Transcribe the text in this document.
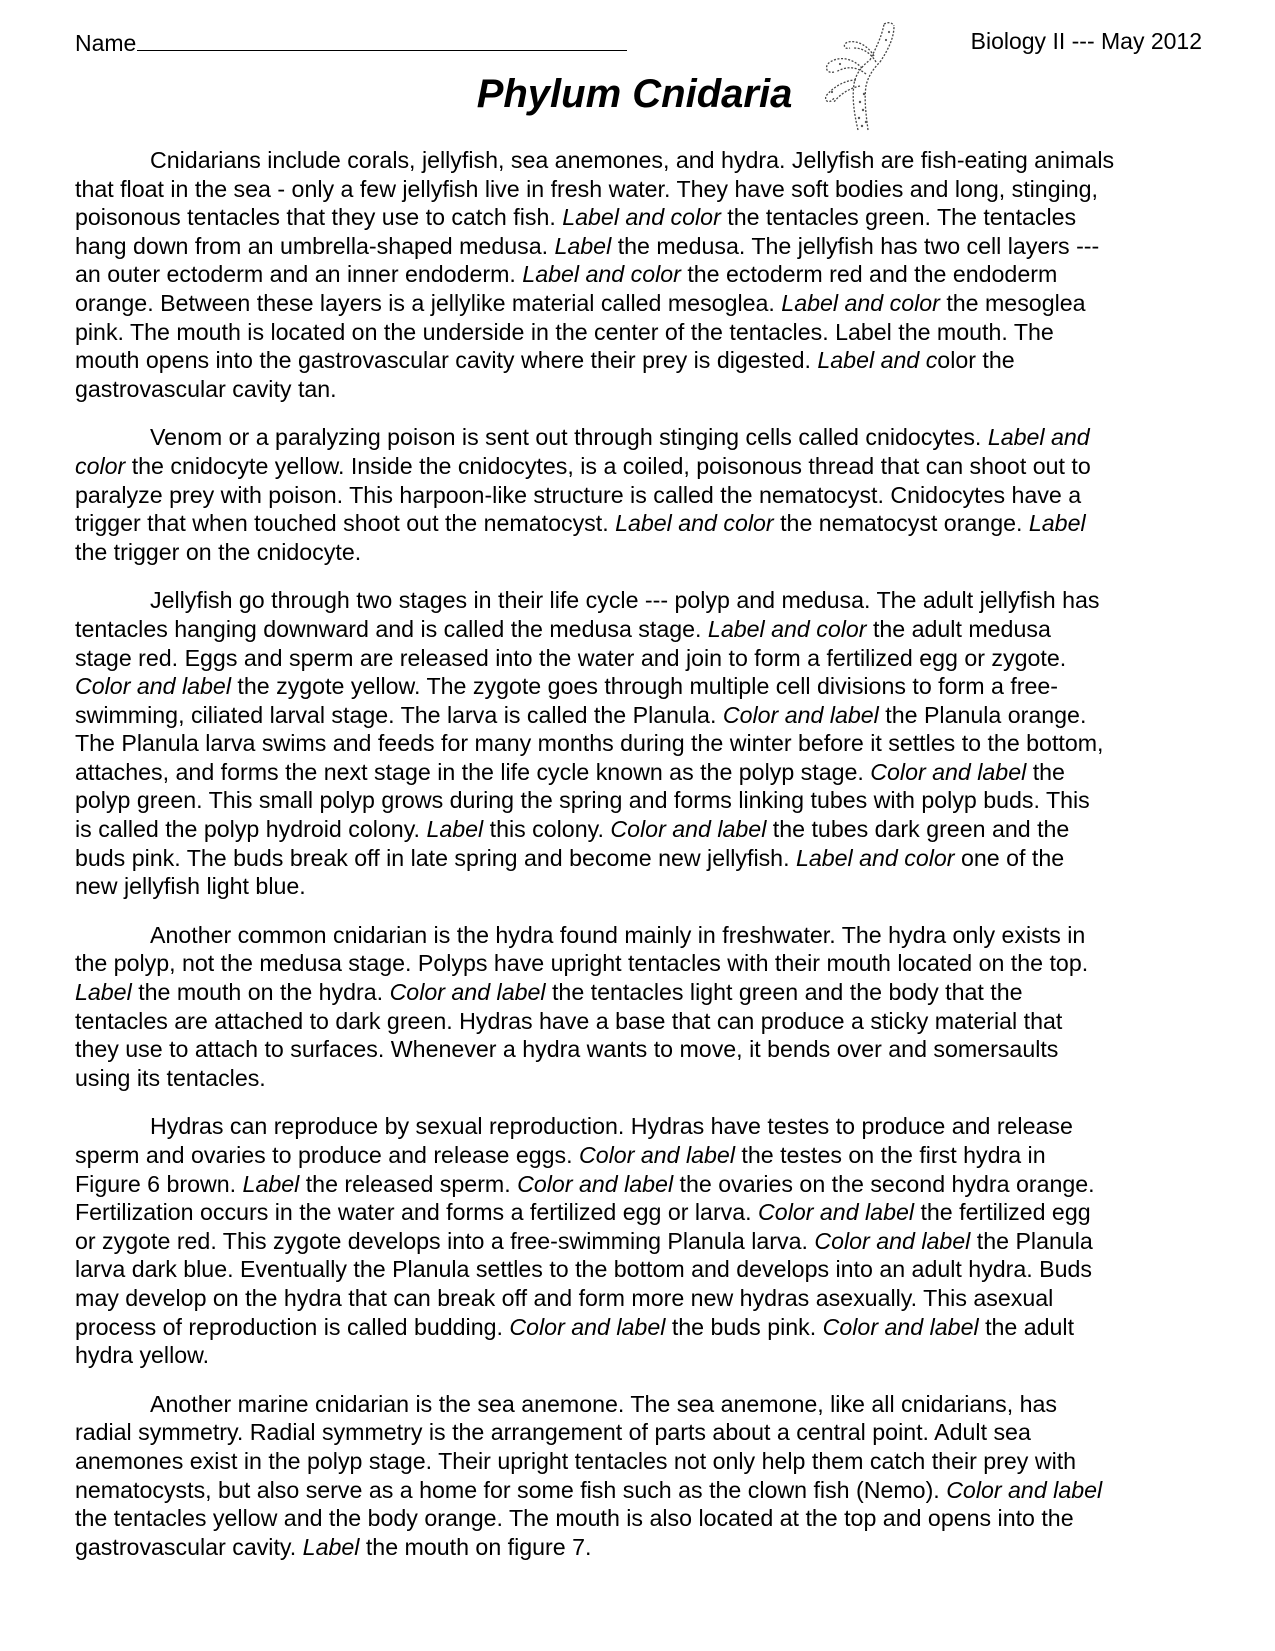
Name	Biology II --- May 2012
Phylum Cnidaria
Cnidarians include corals, jellyfish, sea anemones, and hydra. Jellyfish are fish-eating animals
that float in the sea - only a few jellyfish live in fresh water. They have soft bodies and long, stinging,
poisonous tentacles that they use to catch fish. Label and color the tentacles green. The tentacles
hang down from an umbrella-shaped medusa. Label the medusa. The jellyfish has two cell layers ---
an outer ectoderm and an inner endoderm. Label and color the ectoderm red and the endoderm
orange. Between these layers is a jellylike material called mesoglea. Label and color the mesoglea
pink. The mouth is located on the underside in the center of the tentacles. Label the mouth. The
mouth opens into the gastrovascular cavity where their prey is digested. Label and color the
gastrovascular cavity tan.
Venom or a paralyzing poison is sent out through stinging cells called cnidocytes. Label and
color the cnidocyte yellow. Inside the cnidocytes, is a coiled, poisonous thread that can shoot out to
paralyze prey with poison. This harpoon-like structure is called the nematocyst. Cnidocytes have a
trigger that when touched shoot out the nematocyst. Label and color the nematocyst orange. Label
the trigger on the cnidocyte.
Jellyfish go through two stages in their life cycle --- polyp and medusa. The adult jellyfish has
tentacles hanging downward and is called the medusa stage. Label and color the adult medusa
stage red. Eggs and sperm are released into the water and join to form a fertilized egg or zygote.
Color and label the zygote yellow. The zygote goes through multiple cell divisions to form a free-
swimming, ciliated larval stage. The larva is called the Planula. Color and label the Planula orange.
The Planula larva swims and feeds for many months during the winter before it settles to the bottom,
attaches, and forms the next stage in the life cycle known as the polyp stage. Color and label the
polyp green. This small polyp grows during the spring and forms linking tubes with polyp buds. This
is called the polyp hydroid colony. Label this colony. Color and label the tubes dark green and the
buds pink. The buds break off in late spring and become new jellyfish. Label and color one of the
new jellyfish light blue.
Another common cnidarian is the hydra found mainly in freshwater. The hydra only exists in
the polyp, not the medusa stage. Polyps have upright tentacles with their mouth located on the top.
Label the mouth on the hydra. Color and label the tentacles light green and the body that the
tentacles are attached to dark green. Hydras have a base that can produce a sticky material that
they use to attach to surfaces. Whenever a hydra wants to move, it bends over and somersaults
using its tentacles.
Hydras can reproduce by sexual reproduction. Hydras have testes to produce and release
sperm and ovaries to produce and release eggs. Color and label the testes on the first hydra in
Figure 6 brown. Label the released sperm. Color and label the ovaries on the second hydra orange.
Fertilization occurs in the water and forms a fertilized egg or larva. Color and label the fertilized egg
or zygote red. This zygote develops into a free-swimming Planula larva. Color and label the Planula
larva dark blue. Eventually the Planula settles to the bottom and develops into an adult hydra. Buds
may develop on the hydra that can break off and form more new hydras asexually. This asexual
process of reproduction is called budding. Color and label the buds pink. Color and label the adult
hydra yellow.
Another marine cnidarian is the sea anemone. The sea anemone, like all cnidarians, has
radial symmetry. Radial symmetry is the arrangement of parts about a central point. Adult sea
anemones exist in the polyp stage. Their upright tentacles not only help them catch their prey with
nematocysts, but also serve as a home for some fish such as the clown fish (Nemo). Color and label
the tentacles yellow and the body orange. The mouth is also located at the top and opens into the
gastrovascular cavity. Label the mouth on figure 7.
